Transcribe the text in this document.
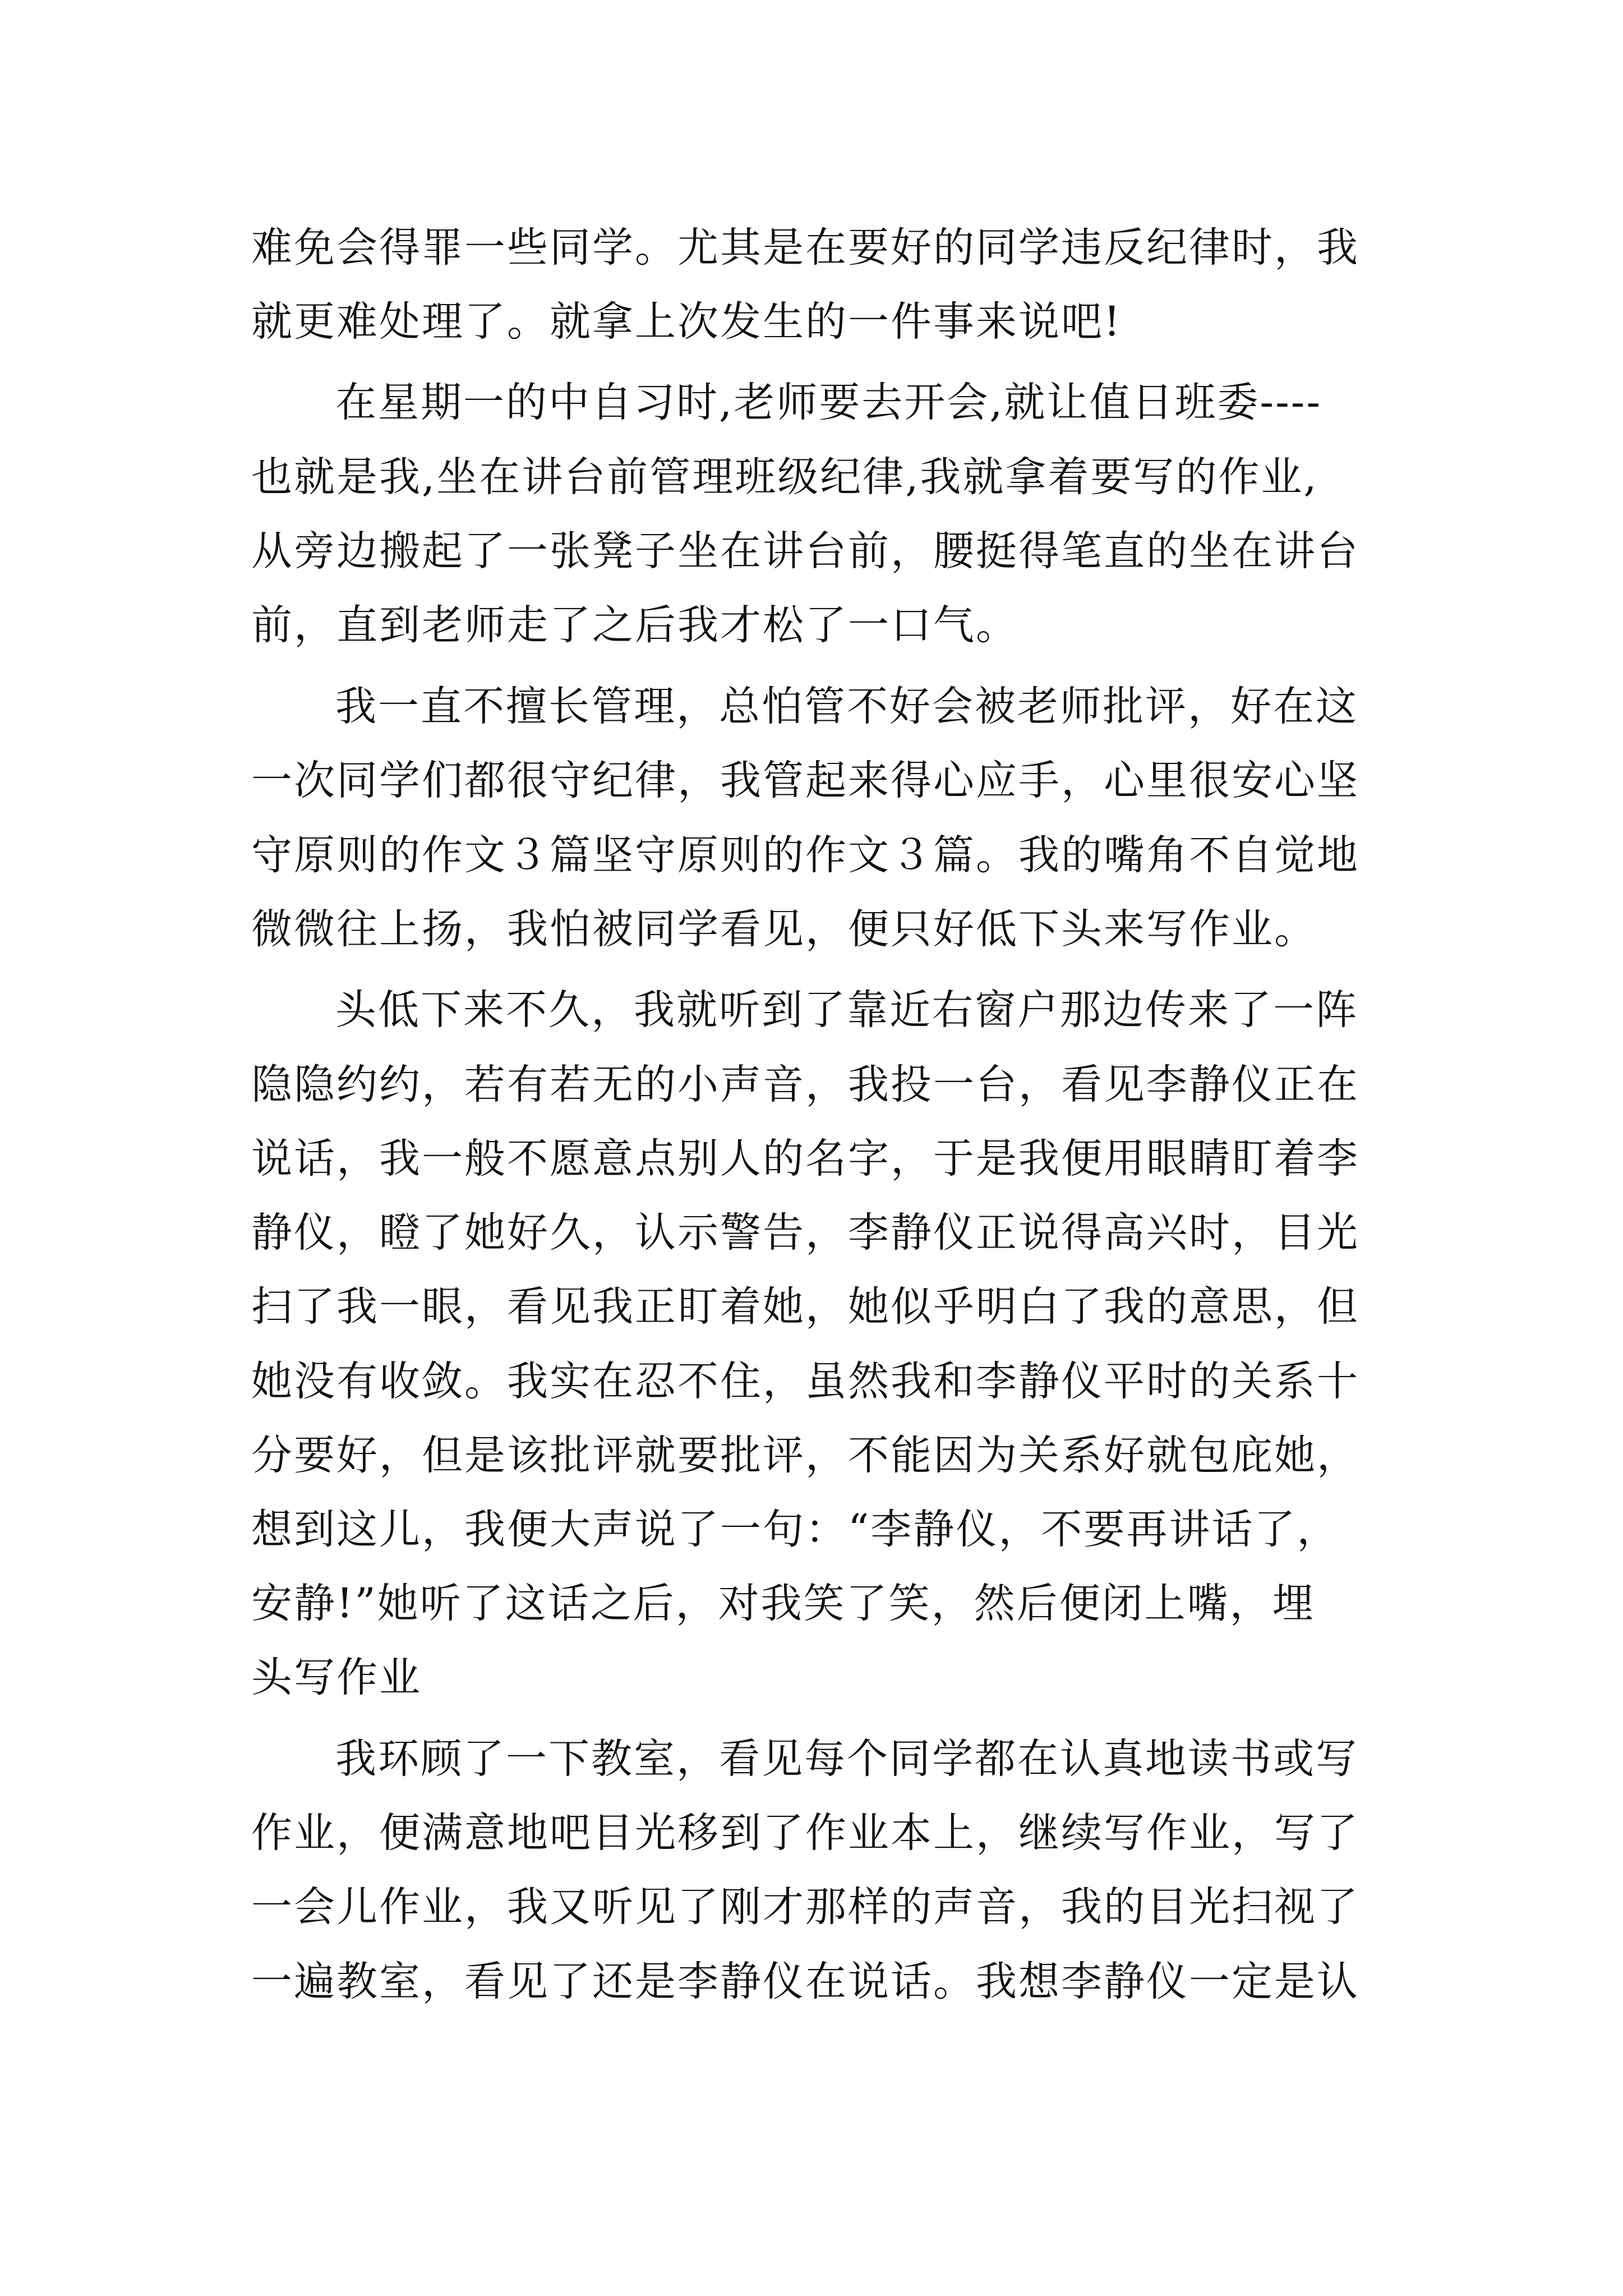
难免会得罪一些同学。尤其是在要好的同学违反纪律时，我

就更难处理了。就拿上次发生的一件事来说吧!

在星期一的中自习时,老师要去开会,就让值日班委----

也就是我,坐在讲台前管理班级纪律,我就拿着要写的作业,

从旁边搬起了一张凳子坐在讲台前，腰挺得笔直的坐在讲台

前，直到老师走了之后我才松了一口气。

我一直不擅长管理，总怕管不好会被老师批评，好在这

一次同学们都很守纪律，我管起来得心应手，心里很安心坚

守原则的作文３篇坚守原则的作文３篇。我的嘴角不自觉地

微微往上扬，我怕被同学看见，便只好低下头来写作业。

头低下来不久，我就听到了靠近右窗户那边传来了一阵

隐隐约约，若有若无的小声音，我投一台，看见李静仪正在

说话，我一般不愿意点别人的名字，于是我便用眼睛盯着李

静仪，瞪了她好久，认示警告，李静仪正说得高兴时，目光

扫了我一眼，看见我正盯着她，她似乎明白了我的意思，但

她没有收敛。我实在忍不住，虽然我和李静仪平时的关系十

分要好，但是该批评就要批评，不能因为关系好就包庇她，

想到这儿，我便大声说了一句：“李静仪，不要再讲话了，

安静!”她听了这话之后，对我笑了笑，然后便闭上嘴，埋

头写作业

我环顾了一下教室，看见每个同学都在认真地读书或写

作业，便满意地吧目光移到了作业本上，继续写作业，写了

一会儿作业，我又听见了刚才那样的声音，我的目光扫视了

一遍教室，看见了还是李静仪在说话。我想李静仪一定是认
